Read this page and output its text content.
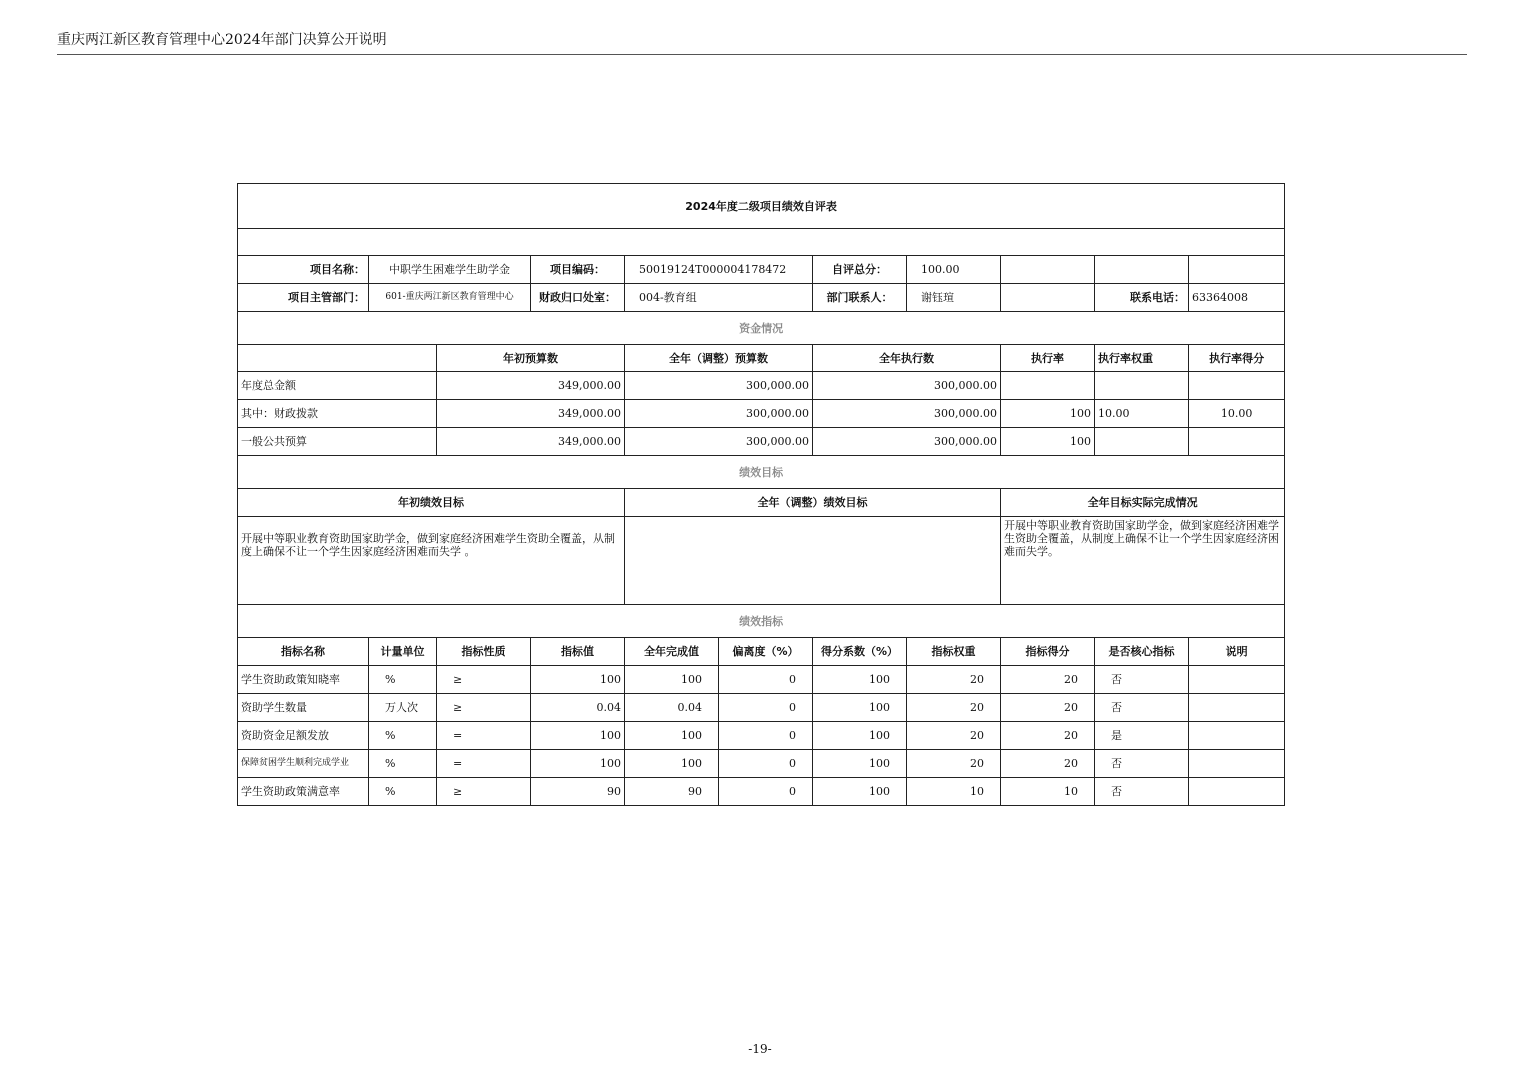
重庆两江新区教育管理中心2024年部门决算公开说明
2024年度二级项目绩效自评表										

项目名称：	中职学生困难学生助学金		项目编码：	50019124T000004178472		自评总分：	100.00			
项目主管部门：	601-重庆两江新区教育管理中心		财政归口处室：	004-教育组		部门联系人：	谢钰瑄		联系电话：	63364008
资金情况										
		年初预算数		全年（调整）预算数		全年执行数		执行率	执行率权重	执行率得分
年度总金额		349,000.00		300,000.00		300,000.00				
其中：财政拨款		349,000.00		300,000.00		300,000.00		100	10.00	10.00
一般公共预算		349,000.00		300,000.00		300,000.00		100		
绩效目标										
年初绩效目标				全年（调整）绩效目标				全年目标实际完成情况		
开展中等职业教育资助国家助学金，做到家庭经济困难学生资助全覆盖，从制度上确保不让一个学生因家庭经济困难而失学 。								开展中等职业教育资助国家助学金，做到家庭经济困难学生资助全覆盖，从制度上确保不让一个学生因家庭经济困难而失学。		
绩效指标										
指标名称	计量单位	指标性质	指标值	全年完成值	偏离度（%）	得分系数（%）	指标权重	指标得分	是否核心指标	说明
学生资助政策知晓率	%	≥	100	100	0	100	20	20	否	
资助学生数量	万人次	≥	0.04	0.04	0	100	20	20	否	
资助资金足额发放	%	=	100	100	0	100	20	20	是	
保障贫困学生顺利完成学业	%	=	100	100	0	100	20	20	否	
学生资助政策满意率	%	≥	90	90	0	100	10	10	否	
-19-
